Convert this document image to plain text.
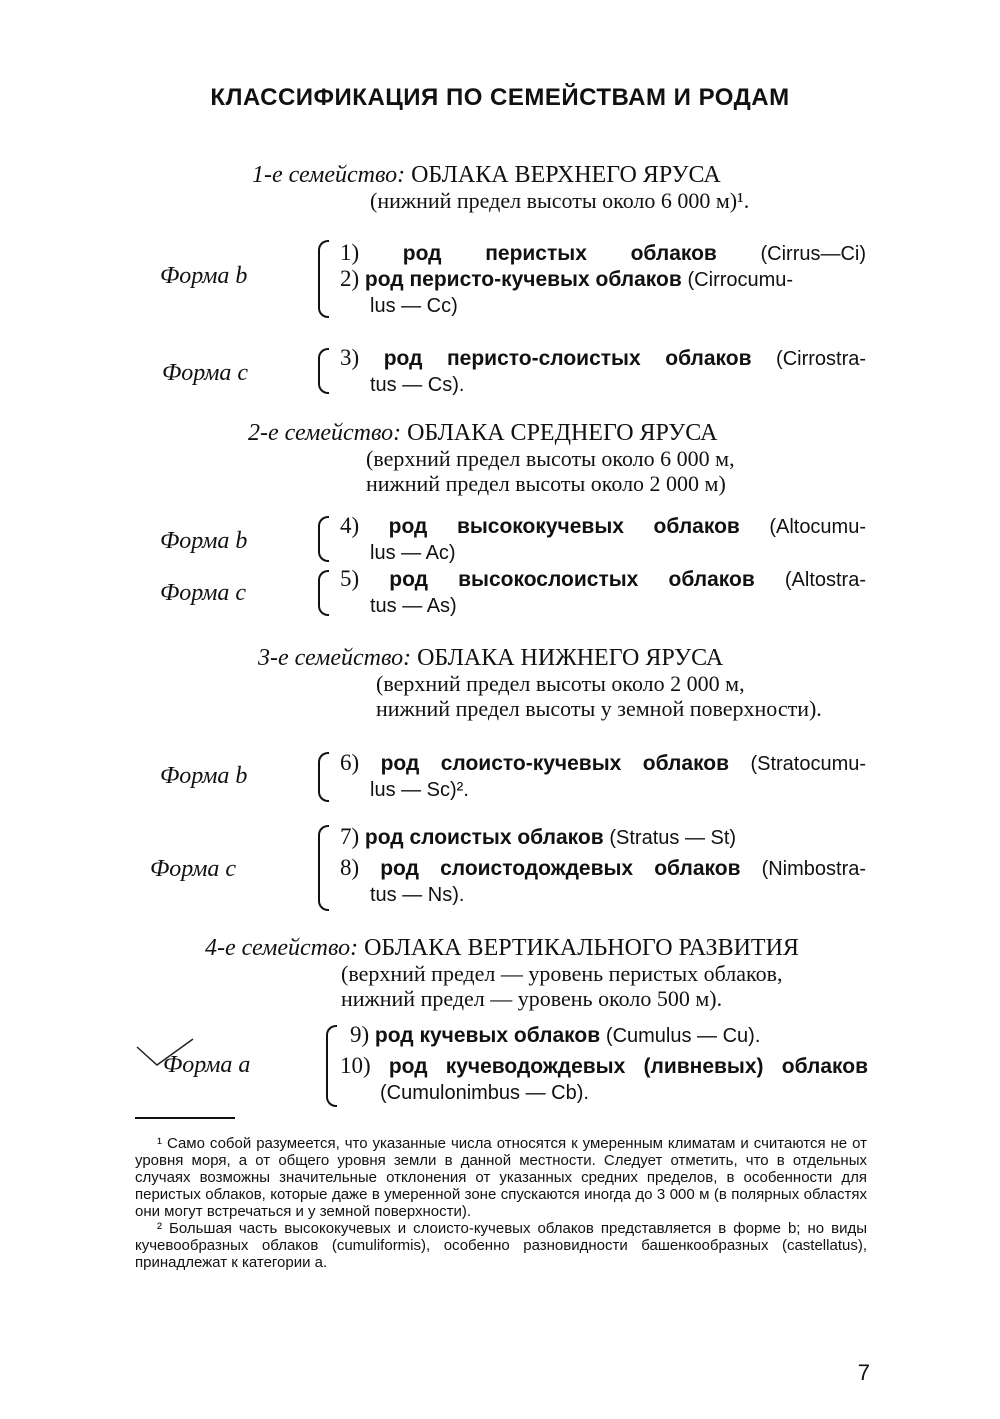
КЛАССИФИКАЦИЯ ПО СЕМЕЙСТВАМ И РОДАМ
1-е семейство: ОБЛАКА ВЕРХНЕГО ЯРУСА
(нижний предел высоты около 6 000 м)¹.
Форма b
1) род перистых облаков (Cirrus—Ci)
2) род перисто-кучевых облаков (Cirrocumu-
lus — Cc)
Форма с
3) род перисто-слоистых облаков (Cirrostra-
tus — Cs).
2-е семейство: ОБЛАКА СРЕДНЕГО ЯРУСА
(верхний предел высоты около 6 000 м,
нижний предел высоты около 2 000 м)
Форма b
4) род высококучевых облаков (Altocumu-
lus — Ac)
Форма с
5) род высокослоистых облаков (Altostra-
tus — As)
3-е семейство: ОБЛАКА НИЖНЕГО ЯРУСА
(верхний предел высоты около 2 000 м,
нижний предел высоты у земной поверхности).
Форма b
6) род слоисто-кучевых облаков (Stratocumu-
lus — Sc)².
Форма с
7) род слоистых облаков (Stratus — St)
8) род слоистодождевых облаков (Nimbostra-
tus — Ns).
4-е семейство: ОБЛАКА ВЕРТИКАЛЬНОГО РАЗВИТИЯ
(верхний предел — уровень перистых облаков,
нижний предел — уровень около 500 м).
Форма а
9) род кучевых облаков (Cumulus — Cu).
10) род кучеводождевых (ливневых) облаков
(Cumulonimbus — Cb).

¹ Само собой разумеется, что указанные числа относятся к умеренным климатам и считаются не от уровня моря, а от общего уровня земли в данной местности. Следует отметить, что в отдельных случаях возможны значительные отклонения от указанных средних пределов, в особенности для перистых облаков, которые даже в умеренной зоне спускаются иногда до 3 000 м (в полярных областях они могут встречаться и у земной поверхности).

² Большая часть высококучевых и слоисто-кучевых облаков представляется в форме b; но виды кучевообразных облаков (cumuliformis), особенно разновидности башенкообразных (castellatus), принадлежат к категории а.

7
